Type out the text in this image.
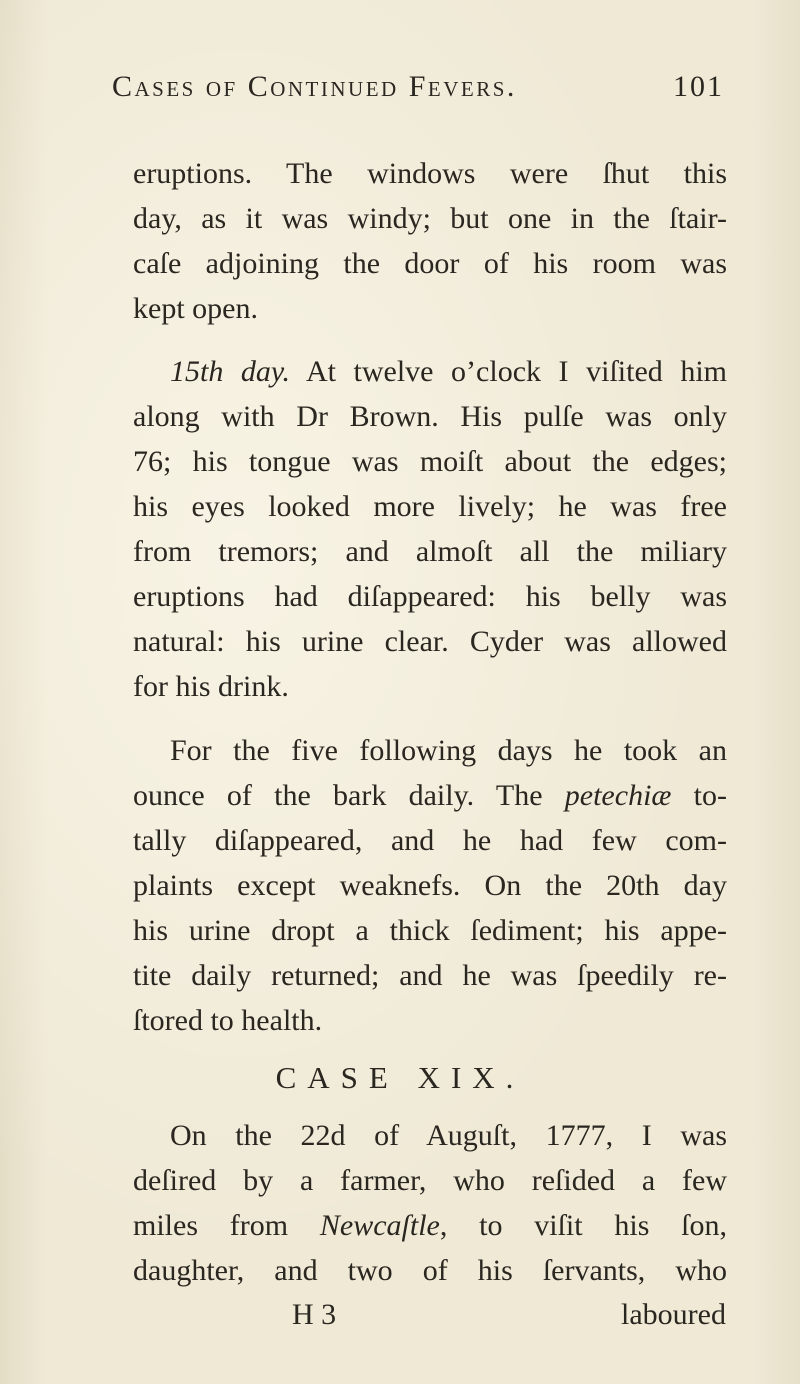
Cases of Continued Fevers.	101
eruptions. The windows were ſhut this
day, as it was windy; but one in the ſtair-
caſe adjoining the door of his room was
kept open.
15th day. At twelve o’clock I viſited him
along with Dr Brown. His pulſe was only
76; his tongue was moiſt about the edges;
his eyes looked more lively; he was free
from tremors; and almoſt all the miliary
eruptions had diſappeared: his belly was
natural: his urine clear. Cyder was allowed
for his drink.
For the five following days he took an
ounce of the bark daily. The petechiæ to-
tally diſappeared, and he had few com-
plaints except weaknefs. On the 20th day
his urine dropt a thick ſediment; his appe-
tite daily returned; and he was ſpeedily re-
ſtored to health.
CASE XIX.
On the 22d of Auguſt, 1777, I was
deſired by a farmer, who reſided a few
miles from Newcaſtle, to viſit his ſon,
daughter, and two of his ſervants, who
H 3	laboured
